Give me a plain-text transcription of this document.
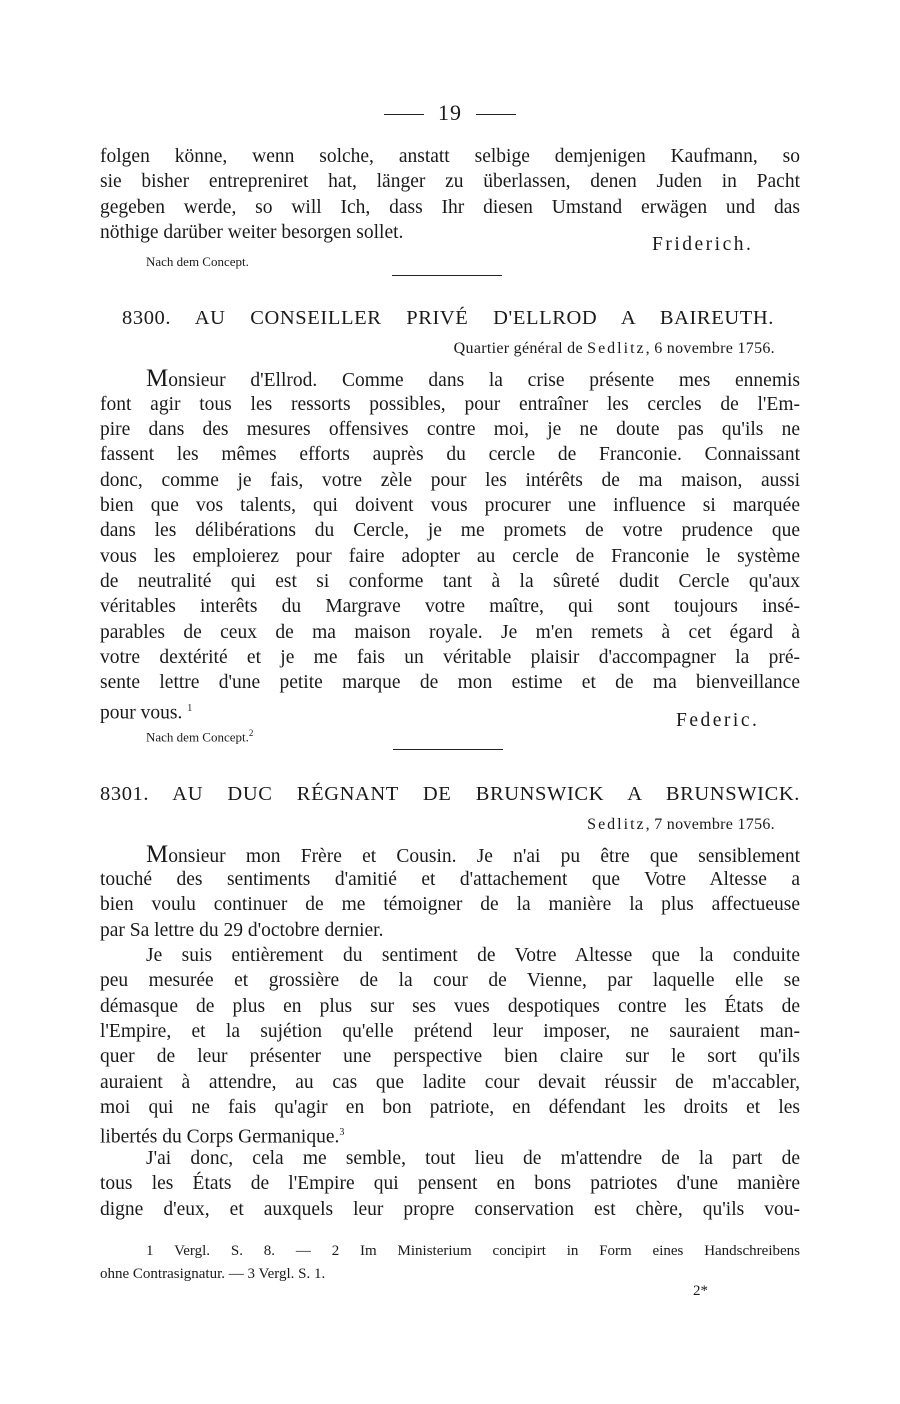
19
folgen könne, wenn solche, anstatt selbige demjenigen Kaufmann, so
sie bisher entrepreniret hat, länger zu überlassen, denen Juden in Pacht
gegeben werde, so will Ich, dass Ihr diesen Umstand erwägen und das
nöthige darüber weiter besorgen sollet.
Friderich.
Nach dem Concept.
8300. AU CONSEILLER PRIVÉ D'ELLROD A BAIREUTH.
Quartier général de Sedlitz, 6 novembre 1756.
Monsieur d'Ellrod. Comme dans la crise présente mes ennemis
font agir tous les ressorts possibles, pour entraîner les cercles de l'Em-
pire dans des mesures offensives contre moi, je ne doute pas qu'ils ne
fassent les mêmes efforts auprès du cercle de Franconie. Connaissant
donc, comme je fais, votre zèle pour les intérêts de ma maison, aussi
bien que vos talents, qui doivent vous procurer une influence si marquée
dans les délibérations du Cercle, je me promets de votre prudence que
vous les emploierez pour faire adopter au cercle de Franconie le système
de neutralité qui est si conforme tant à la sûreté dudit Cercle qu'aux
véritables interêts du Margrave votre maître, qui sont toujours insé-
parables de ceux de ma maison royale. Je m'en remets à cet égard à
votre dextérité et je me fais un véritable plaisir d'accompagner la pré-
sente lettre d'une petite marque de mon estime et de ma bienveillance
pour vous. $^1$
Federic.
Nach dem Concept.$^2$
8301. AU DUC RÉGNANT DE BRUNSWICK A BRUNSWICK.
Sedlitz, 7 novembre 1756.
Monsieur mon Frère et Cousin. Je n'ai pu être que sensiblement
touché des sentiments d'amitié et d'attachement que Votre Altesse a
bien voulu continuer de me témoigner de la manière la plus affectueuse
par Sa lettre du 29 d'octobre dernier.
Je suis entièrement du sentiment de Votre Altesse que la conduite
peu mesurée et grossière de la cour de Vienne, par laquelle elle se
démasque de plus en plus sur ses vues despotiques contre les États de
l'Empire, et la sujétion qu'elle prétend leur imposer, ne sauraient man-
quer de leur présenter une perspective bien claire sur le sort qu'ils
auraient à attendre, au cas que ladite cour devait réussir de m'accabler,
moi qui ne fais qu'agir en bon patriote, en défendant les droits et les
libertés du Corps Germanique.$^3$
J'ai donc, cela me semble, tout lieu de m'attendre de la part de
tous les États de l'Empire qui pensent en bons patriotes d'une manière
digne d'eux, et auxquels leur propre conservation est chère, qu'ils vou-
1 Vergl. S. 8. — 2 Im Ministerium concipirt in Form eines Handschreibens
ohne Contrasignatur. — 3 Vergl. S. 1.
2*
